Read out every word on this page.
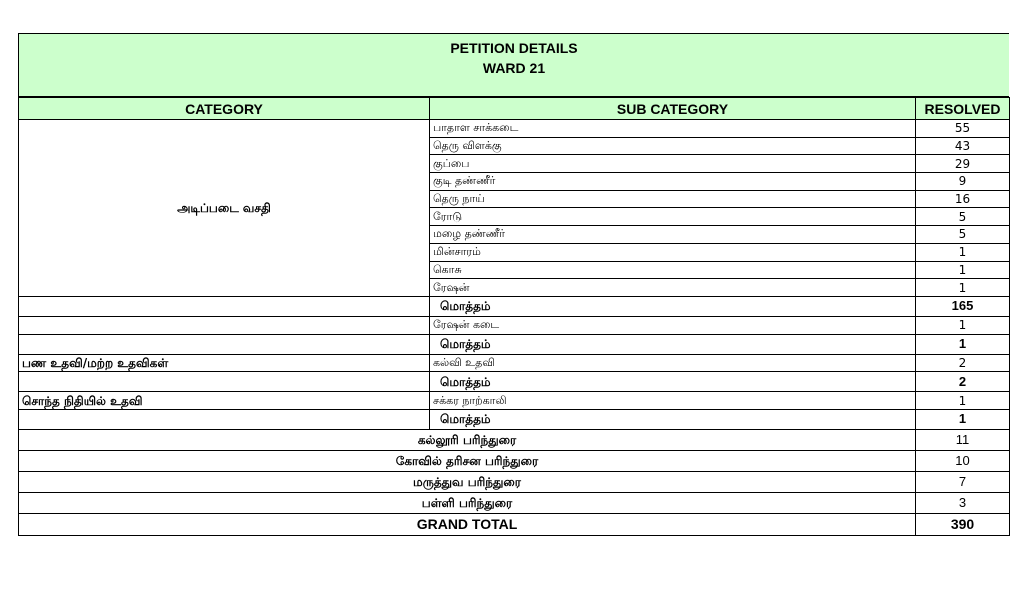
PETITION DETAILS
WARD 21
CATEGORY	SUB CATEGORY	RESOLVED
அடிப்படை வசதி	பாதாள சாக்கடை	55
	தெரு விளக்கு	43
	குப்பை	29
	குடி தண்ணீர்	9
	தெரு நாய்	16
	ரோடு	5
	மழை தண்ணீர்	5
	மின்சாரம்	1
	கொசு	1
	ரேஷன்	1
	மொத்தம்	165
	ரேஷன் கடை	1
	மொத்தம்	1
பண உதவி/மற்ற உதவிகள்	கல்வி உதவி	2
	மொத்தம்	2
சொந்த நிதியில் உதவி	சக்கர நாற்காலி	1
	மொத்தம்	1
கல்லூரி பரிந்துரை		11
கோவில் தரிசன பரிந்துரை		10
மருத்துவ பரிந்துரை		7
பள்ளி பரிந்துரை		3
GRAND TOTAL		390
